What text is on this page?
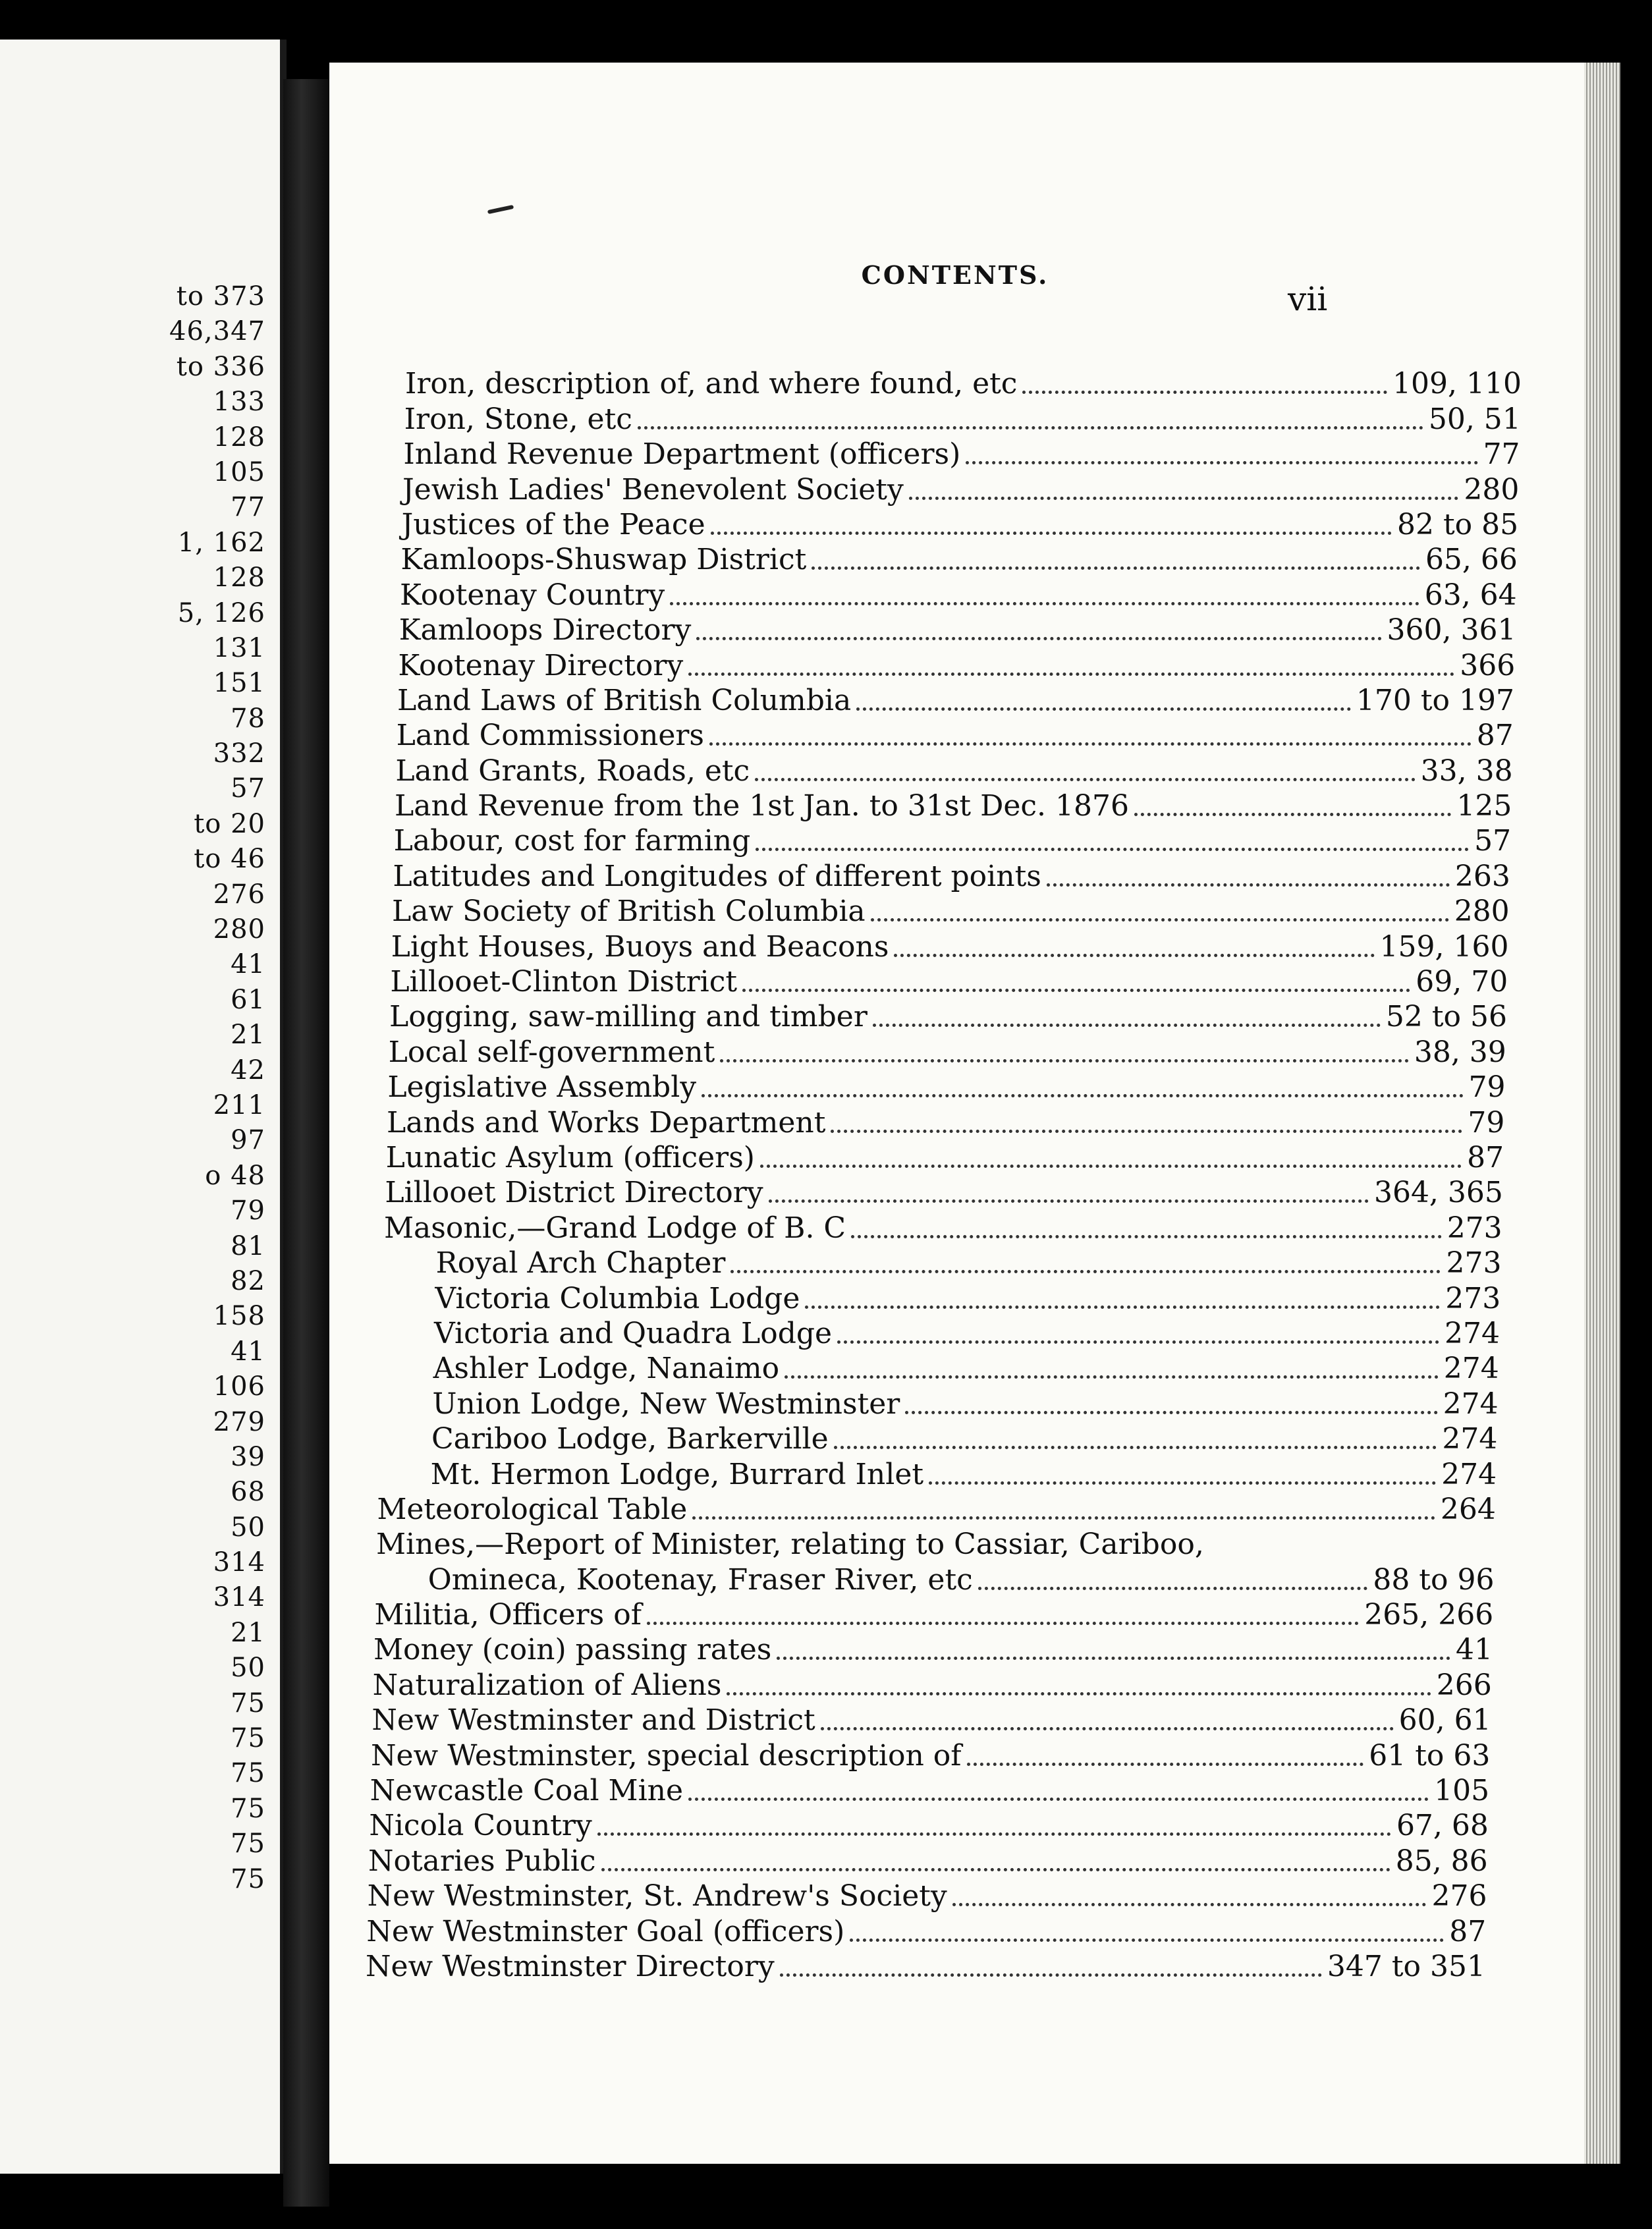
to 373
46,347
to 336
133
128
105
77
1, 162
128
5, 126
131
151
78
332
57
to 20
to 46
276
280
41
61
21
42
211
97
o 48
79
81
82
158
41
106
279
39
68
50
314
314
21
50
75
75
75
75
75
75
CONTENTS.
vii
Iron, description of, and where found, etc	109, 110
Iron, Stone, etc	50, 51
Inland Revenue Department (officers)	77
Jewish Ladies' Benevolent Society	280
Justices of the Peace	82 to 85
Kamloops-Shuswap District	65, 66
Kootenay Country	63, 64
Kamloops Directory	360, 361
Kootenay Directory	366
Land Laws of British Columbia	170 to 197
Land Commissioners	87
Land Grants, Roads, etc	33, 38
Land Revenue from the 1st Jan. to 31st Dec. 1876	125
Labour, cost for farming	57
Latitudes and Longitudes of different points	263
Law Society of British Columbia	280
Light Houses, Buoys and Beacons	159, 160
Lillooet-Clinton District	69, 70
Logging, saw-milling and timber	52 to 56
Local self-government	38, 39
Legislative Assembly	79
Lands and Works Department	79
Lunatic Asylum (officers)	87
Lillooet District Directory	364, 365
Masonic,—Grand Lodge of B. C	273
Royal Arch Chapter	273
Victoria Columbia Lodge	273
Victoria and Quadra Lodge	274
Ashler Lodge, Nanaimo	274
Union Lodge, New Westminster	274
Cariboo Lodge, Barkerville	274
Mt. Hermon Lodge, Burrard Inlet	274
Meteorological Table	264
Mines,—Report of Minister, relating to Cassiar, Cariboo,
Omineca, Kootenay, Fraser River, etc	88 to 96
Militia, Officers of	265, 266
Money (coin) passing rates	41
Naturalization of Aliens	266
New Westminster and District	60, 61
New Westminster, special description of	61 to 63
Newcastle Coal Mine	105
Nicola Country	67, 68
Notaries Public	85, 86
New Westminster, St. Andrew's Society	276
New Westminster Goal (officers)	87
New Westminster Directory	347 to 351
